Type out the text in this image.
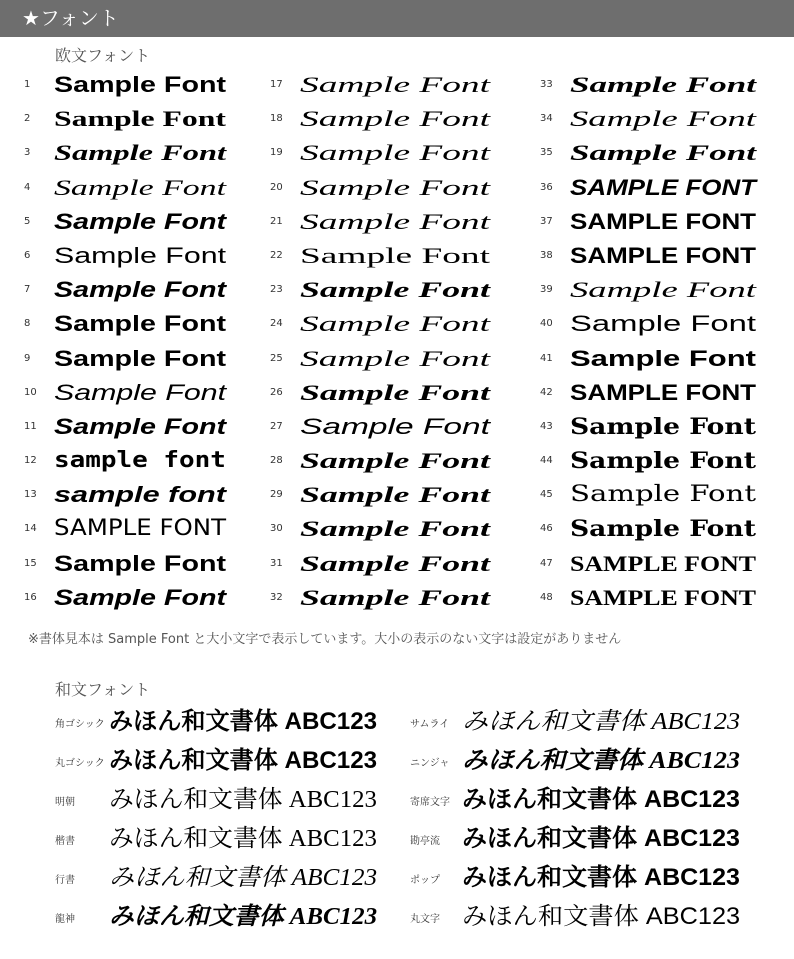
★フォント
欧文フォント
1	Sample Font
2	Sample Font
3	Sample Font
4	Sample Font
5	Sample Font
6	Sample Font
7	Sample Font
8	Sample Font
9	Sample Font
10 Sample Font
11 Sample Font
12 sample font
13 sample font
14 SAMPLE FONT
15 Sample Font
16 Sample Font
17 Sample Font
18 Sample Font
19 Sample Font
20 Sample Font
21 Sample Font
22 Sample Font
23 Sample Font
24 Sample Font
25 Sample Font
26 Sample Font
27 Sample Font
28 Sample Font
29 Sample Font
30 Sample Font
31 Sample Font
32 Sample Font
33 Sample Font
34 Sample Font
35 Sample Font
36 SAMPLE FONT
37 SAMPLE FONT
38 SAMPLE FONT
39 Sample Font
40 Sample Font
41 Sample Font
42 SAMPLE FONT
43 Sample Font
44 Sample Font
45 Sample Font
46 Sample Font
47 SAMPLE FONT
48 SAMPLE FONT
※書体見本は Sample Font と大小文字で表示しています。大小の表示のない文字は設定がありません
和文フォント
角ゴシック みほん和文書体 ABC123
丸ゴシック みほん和文書体 ABC123
明朝 みほん和文書体 ABC123
楷書 みほん和文書体 ABC123
行書 みほん和文書体 ABC123
龍神 みほん和文書体 ABC123
サムライ みほん和文書体 ABC123
ニンジャ みほん和文書体 ABC123
寄席文字 みほん和文書体 ABC123
勘亭流 みほん和文書体 ABC123
ポップ みほん和文書体 ABC123
丸文字 みほん和文書体 ABC123
